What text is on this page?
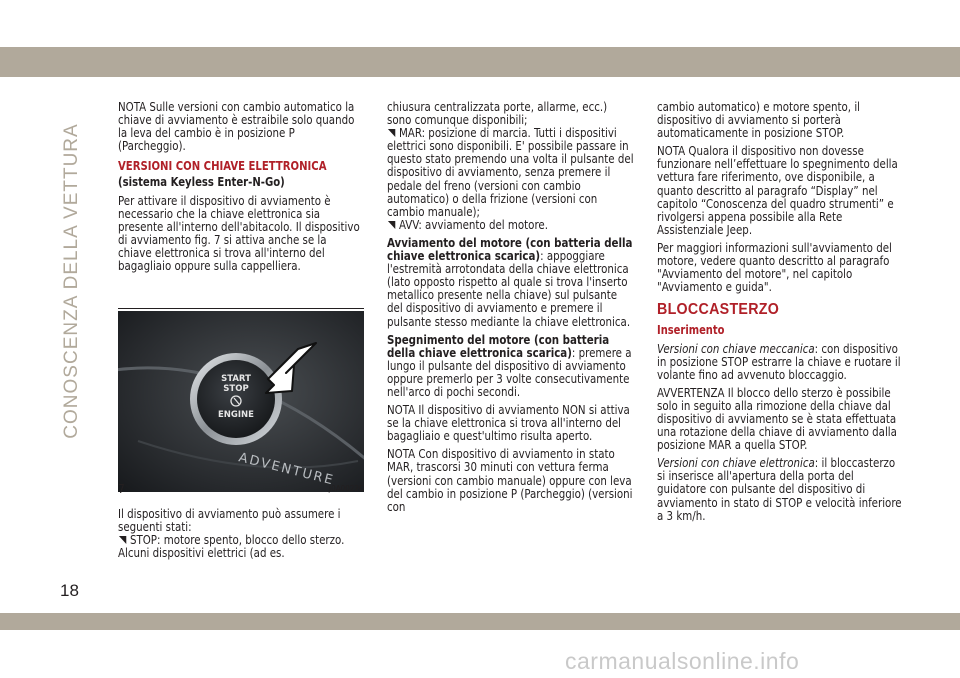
CONOSCENZA DELLA VETTURA
18

NOTA Sulle versioni con cambio automatico la chiave di avviamento è estraibile solo quando la leva del cambio è in posizione P (Parcheggio).

VERSIONI CON CHIAVE ELETTRONICA
(sistema Keyless Enter-N-Go)

Per attivare il dispositivo di avviamento è necessario che la chiave elettronica sia presente all'interno dell'abitacolo. Il dispositivo di avviamento fig. 7 si attiva anche se la chiave elettronica si trova all'interno del bagagliaio oppure sulla cappelliera.

ADVENTURE
START
STOP
ENGINE
7	J0A0022C

Il dispositivo di avviamento può assumere i seguenti stati:

STOP: motore spento, blocco dello sterzo. Alcuni dispositivi elettrici (ad es.

chiusura centralizzata porte, allarme, ecc.) sono comunque disponibili;

MAR: posizione di marcia. Tutti i dispositivi elettrici sono disponibili. E' possibile passare in questo stato premendo una volta il pulsante del dispositivo di avviamento, senza premere il pedale del freno (versioni con cambio automatico) o della frizione (versioni con cambio manuale);

AVV: avviamento del motore.

Avviamento del motore (con batteria della chiave elettronica scarica): appoggiare l'estremità arrotondata della chiave elettronica (lato opposto rispetto al quale si trova l'inserto metallico presente nella chiave) sul pulsante del dispositivo di avviamento e premere il pulsante stesso mediante la chiave elettronica.

Spegnimento del motore (con batteria della chiave elettronica scarica): premere a lungo il pulsante del dispositivo di avviamento oppure premerlo per 3 volte consecutivamente nell'arco di pochi secondi.

NOTA Il dispositivo di avviamento NON si attiva se la chiave elettronica si trova all'interno del bagagliaio e quest'ultimo risulta aperto.

NOTA Con dispositivo di avviamento in stato MAR, trascorsi 30 minuti con vettura ferma (versioni con cambio manuale) oppure con leva del cambio in posizione P (Parcheggio) (versioni con

cambio automatico) e motore spento, il dispositivo di avviamento si porterà automaticamente in posizione STOP.

NOTA Qualora il dispositivo non dovesse funzionare nell’effettuare lo spegnimento della vettura fare riferimento, ove disponibile, a quanto descritto al paragrafo “Display” nel capitolo “Conoscenza del quadro strumenti” e rivolgersi appena possibile alla Rete Assistenziale Jeep.

Per maggiori informazioni sull'avviamento del motore, vedere quanto descritto al paragrafo "Avviamento del motore", nel capitolo "Avviamento e guida".

BLOCCASTERZO
Inserimento

Versioni con chiave meccanica: con dispositivo in posizione STOP estrarre la chiave e ruotare il volante fino ad avvenuto bloccaggio.

AVVERTENZA Il blocco dello sterzo è possibile solo in seguito alla rimozione della chiave dal dispositivo di avviamento se è stata effettuata una rotazione della chiave di avviamento dalla posizione MAR a quella STOP.

Versioni con chiave elettronica: il bloccasterzo si inserisce all'apertura della porta del guidatore con pulsante del dispositivo di avviamento in stato di STOP e velocità inferiore a 3 km/h.

carmanualsonline.info
